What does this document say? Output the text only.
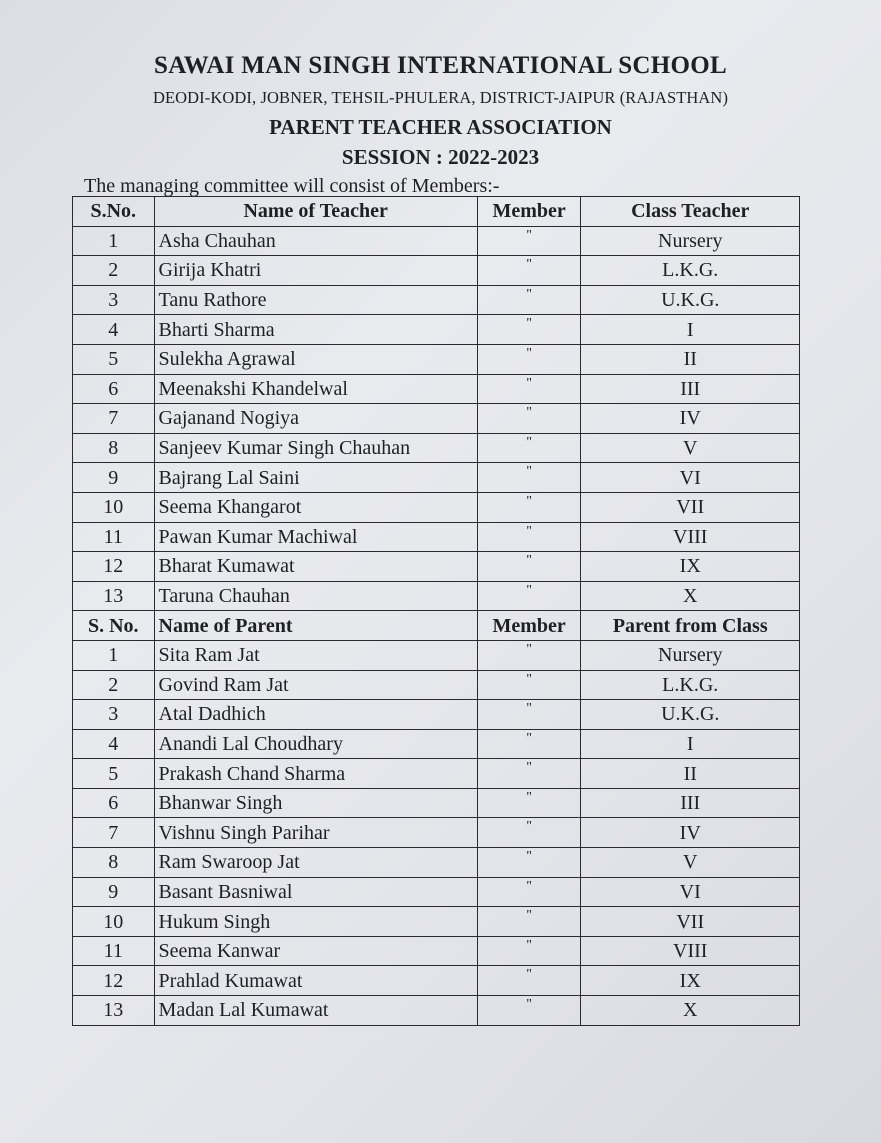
SAWAI MAN SINGH INTERNATIONAL SCHOOL
DEODI-KODI, JOBNER, TEHSIL-PHULERA, DISTRICT-JAIPUR (RAJASTHAN)
PARENT TEACHER ASSOCIATION
SESSION : 2022-2023
The managing committee will consist of Members:-
S.No.	Name of Teacher	Member	Class Teacher
1	Asha Chauhan	"	Nursery
2	Girija Khatri	"	L.K.G.
3	Tanu Rathore	"	U.K.G.
4	Bharti Sharma	"	I
5	Sulekha Agrawal	"	II
6	Meenakshi Khandelwal	"	III
7	Gajanand Nogiya	"	IV
8	Sanjeev Kumar Singh Chauhan	"	V
9	Bajrang Lal Saini	"	VI
10	Seema Khangarot	"	VII
11	Pawan Kumar Machiwal	"	VIII
12	Bharat Kumawat	"	IX
13	Taruna Chauhan	"	X
S. No.	Name of Parent	Member	Parent from Class
1	Sita Ram Jat	"	Nursery
2	Govind Ram Jat	"	L.K.G.
3	Atal Dadhich	"	U.K.G.
4	Anandi Lal Choudhary	"	I
5	Prakash Chand Sharma	"	II
6	Bhanwar Singh	"	III
7	Vishnu Singh Parihar	"	IV
8	Ram Swaroop Jat	"	V
9	Basant Basniwal	"	VI
10	Hukum Singh	"	VII
11	Seema Kanwar	"	VIII
12	Prahlad Kumawat	"	IX
13	Madan Lal Kumawat	"	X
